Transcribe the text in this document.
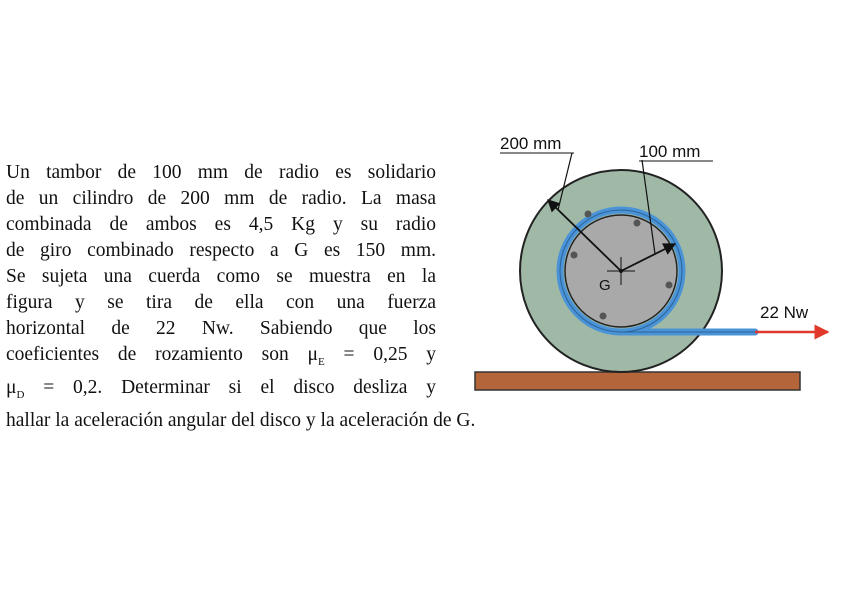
Un tambor de 100 mm de radio es solidario
de un cilindro de 200 mm de radio. La masa
combinada de ambos es 4,5 Kg y su radio
de giro combinado respecto a G es 150 mm.
Se sujeta una cuerda como se muestra en la
figura y se tira de ella con una fuerza
horizontal de 22 Nw. Sabiendo que los
coeficientes de rozamiento son $\mu_E = 0,25$ y
$\mu_D = 0,2$. Determinar si el disco desliza y
hallar la aceleración angular del disco y la aceleración de G.
G
200 mm	100 mm
22 Nw
